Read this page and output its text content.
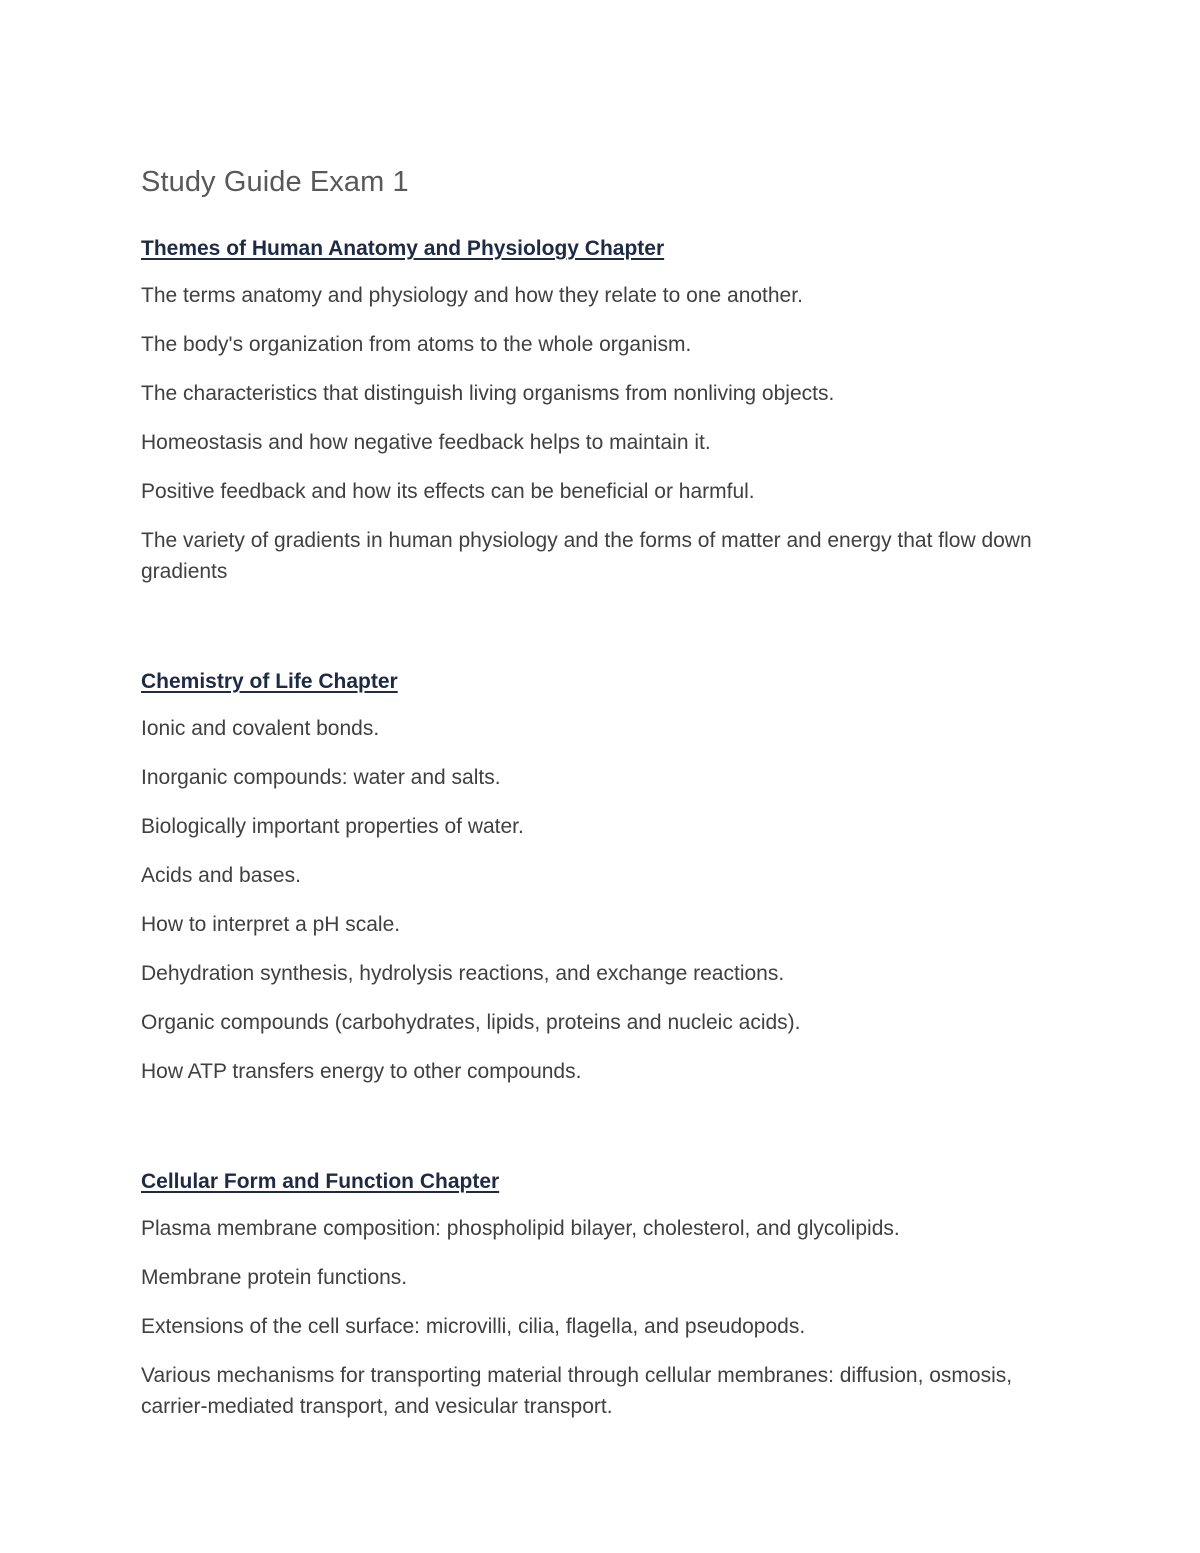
Study Guide Exam 1
Themes of Human Anatomy and Physiology Chapter
The terms anatomy and physiology and how they relate to one another.
The body's organization from atoms to the whole organism.
The characteristics that distinguish living organisms from nonliving objects.
Homeostasis and how negative feedback helps to maintain it.
Positive feedback and how its effects can be beneficial or harmful.
The variety of gradients in human physiology and the forms of matter and energy that flow down gradients
Chemistry of Life Chapter
Ionic and covalent bonds.
Inorganic compounds: water and salts.
Biologically important properties of water.
Acids and bases.
How to interpret a pH scale.
Dehydration synthesis, hydrolysis reactions, and exchange reactions.
Organic compounds (carbohydrates, lipids, proteins and nucleic acids).
How ATP transfers energy to other compounds.
Cellular Form and Function Chapter
Plasma membrane composition: phospholipid bilayer, cholesterol, and glycolipids.
Membrane protein functions.
Extensions of the cell surface: microvilli, cilia, flagella, and pseudopods.
Various mechanisms for transporting material through cellular membranes: diffusion, osmosis, carrier-mediated transport, and vesicular transport.
